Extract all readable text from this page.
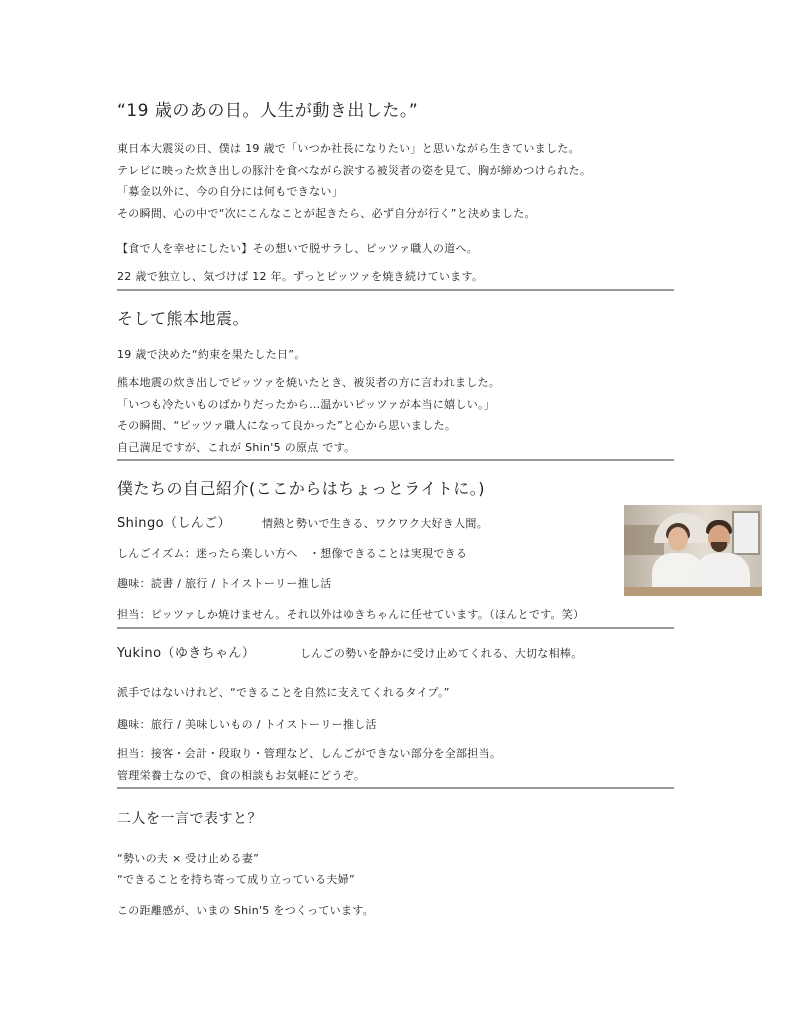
“19 歳のあの日。人生が動き出した。”

東日本大震災の日、僕は 19 歳で「いつか社長になりたい」と思いながら生きていました。

テレビに映った炊き出しの豚汁を食べながら涙する被災者の姿を見て、胸が締めつけられた。

「募金以外に、今の自分には何もできない」

その瞬間、心の中で“次にこんなことが起きたら、必ず自分が行く”と決めました。

【食で人を幸せにしたい】その想いで脱サラし、ピッツァ職人の道へ。

22 歳で独立し、気づけば 12 年。ずっとピッツァを焼き続けています。

そして熊本地震。

19 歳で決めた“約束を果たした日”。

熊本地震の炊き出しでピッツァを焼いたとき、被災者の方に言われました。

「いつも冷たいものばかりだったから…温かいピッツァが本当に嬉しい。」

その瞬間、“ピッツァ職人になって良かった”と心から思いました。

自己満足ですが、これが Shin'5 の原点 です。

僕たちの自己紹介(ここからはちょっとライトに。)

Shingo（しんご）	情熱と勢いで生きる、ワクワク大好き人間。

しんごイズム：迷ったら楽しい方へ　・想像できることは実現できる

趣味：読書 / 旅行 / トイストーリー推し活

担当：ピッツァしか焼けません。それ以外はゆきちゃんに任せています。（ほんとです。笑）

Yukino（ゆきちゃん）	しんごの勢いを静かに受け止めてくれる、大切な相棒。

派手ではないけれど、“できることを自然に支えてくれるタイプ。”

趣味：旅行 / 美味しいもの / トイストーリー推し活

担当：接客・会計・段取り・管理など、しんごができない部分を全部担当。

管理栄養士なので、食の相談もお気軽にどうぞ。

二人を一言で表すと？

“勢いの夫 × 受け止める妻”

“できることを持ち寄って成り立っている夫婦”

この距離感が、いまの Shin'5 をつくっています。
